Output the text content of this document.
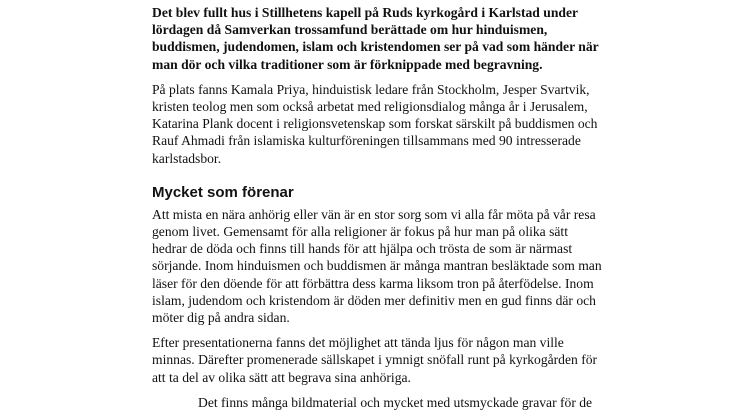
Det blev fullt hus i Stillhetens kapell på Ruds kyrkogård i Karlstad under lördagen då Samverkan trossamfund berättade om hur hinduismen, buddismen, judendomen, islam och kristendomen ser på vad som händer när man dör och vilka traditioner som är förknippade med begravning.

På plats fanns Kamala Priya, hinduistisk ledare från Stockholm, Jesper Svartvik, kristen teolog men som också arbetat med religionsdialog många år i Jerusalem, Katarina Plank docent i religionsvetenskap som forskat särskilt på buddismen och Rauf Ahmadi från islamiska kulturföreningen tillsammans med 90 intresserade karlstadsbor.

Mycket som förenar

Att mista en nära anhörig eller vän är en stor sorg som vi alla får möta på vår resa genom livet. Gemensamt för alla religioner är fokus på hur man på olika sätt hedrar de döda och finns till hands för att hjälpa och trösta de som är närmast sörjande. Inom hinduismen och buddismen är många mantran besläktade som man läser för den döende för att förbättra dess karma liksom tron på återfödelse. Inom islam, judendom och kristendom är döden mer definitiv men en gud finns där och möter dig på andra sidan.

Efter presentationerna fanns det möjlighet att tända ljus för någon man ville minnas. Därefter promenerade sällskapet i ymnigt snöfall runt på kyrkogården för att ta del av olika sätt att begrava sina anhöriga.

Det finns många bildmaterial och mycket med utsmyckade gravar för de
